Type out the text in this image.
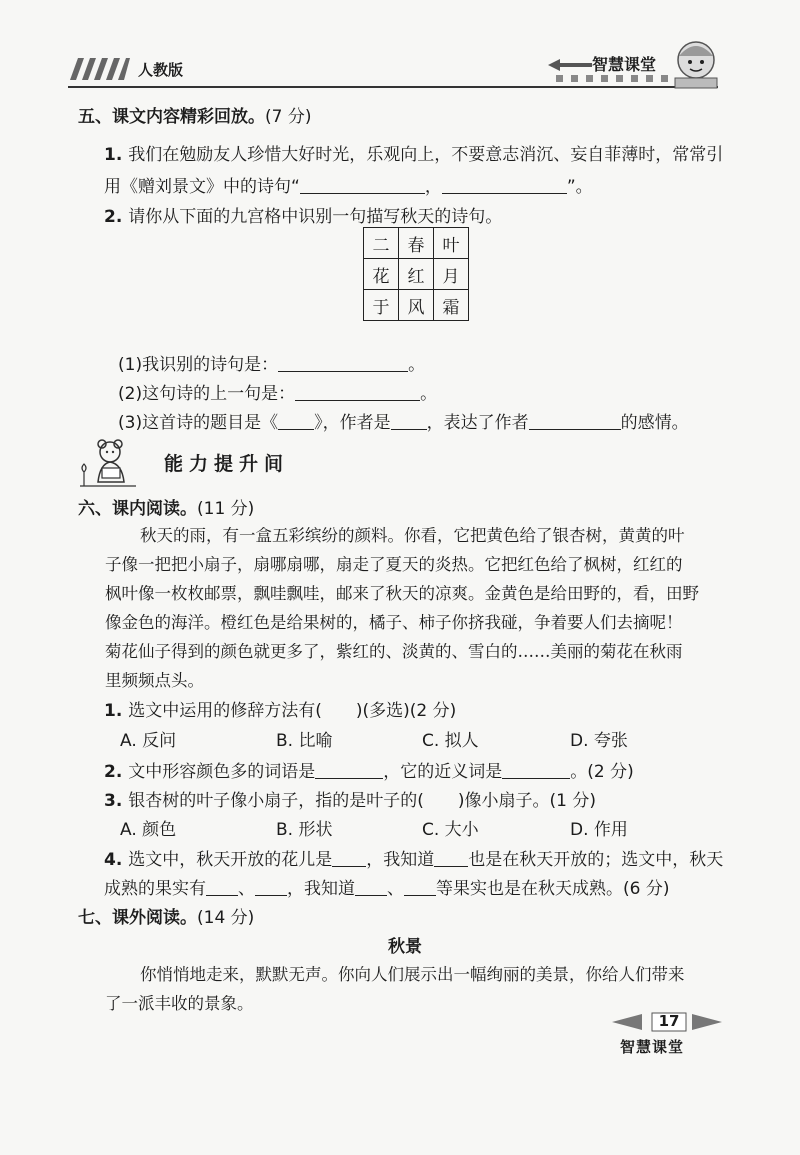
人教版	智慧课堂
五、课文内容精彩回放。(7 分)
1. 我们在勉励友人珍惜大好时光，乐观向上，不要意志消沉、妄自菲薄时，常常引
用《赠刘景文》中的诗句“	，	”。
2. 请你从下面的九宫格中识别一句描写秋天的诗句。
二	春	叶
花	红	月
于	风	霜
(1)我识别的诗句是：	。
(2)这句诗的上一句是：	。
(3)这首诗的题目是《 》，作者是 ，表达了作者	的感情。
能力提升间
六、课内阅读。(11 分)
秋天的雨，有一盒五彩缤纷的颜料。你看，它把黄色给了银杏树，黄黄的叶
子像一把把小扇子，扇哪扇哪，扇走了夏天的炎热。它把红色给了枫树，红红的
枫叶像一枚枚邮票，飘哇飘哇，邮来了秋天的凉爽。金黄色是给田野的，看，田野
像金色的海洋。橙红色是给果树的，橘子、柿子你挤我碰，争着要人们去摘呢！
菊花仙子得到的颜色就更多了，紫红的、淡黄的、雪白的……美丽的菊花在秋雨
里频频点头。
1. 选文中运用的修辞方法有(　　)(多选)(2 分)
A. 反问	B. 比喻	C. 拟人	D. 夸张
2. 文中形容颜色多的词语是	，它的近义词是	。(2 分)
3. 银杏树的叶子像小扇子，指的是叶子的(　　)像小扇子。(1 分)
A. 颜色	B. 形状	C. 大小	D. 作用
4. 选文中，秋天开放的花儿是 ，我知道 也是在秋天开放的；选文中，秋天
成熟的果实有 、 ，我知道 、 等果实也是在秋天成熟。(6 分)
七、课外阅读。(14 分)
秋景
你悄悄地走来，默默无声。你向人们展示出一幅绚丽的美景，你给人们带来
了一派丰收的景象。
17
智慧课堂
